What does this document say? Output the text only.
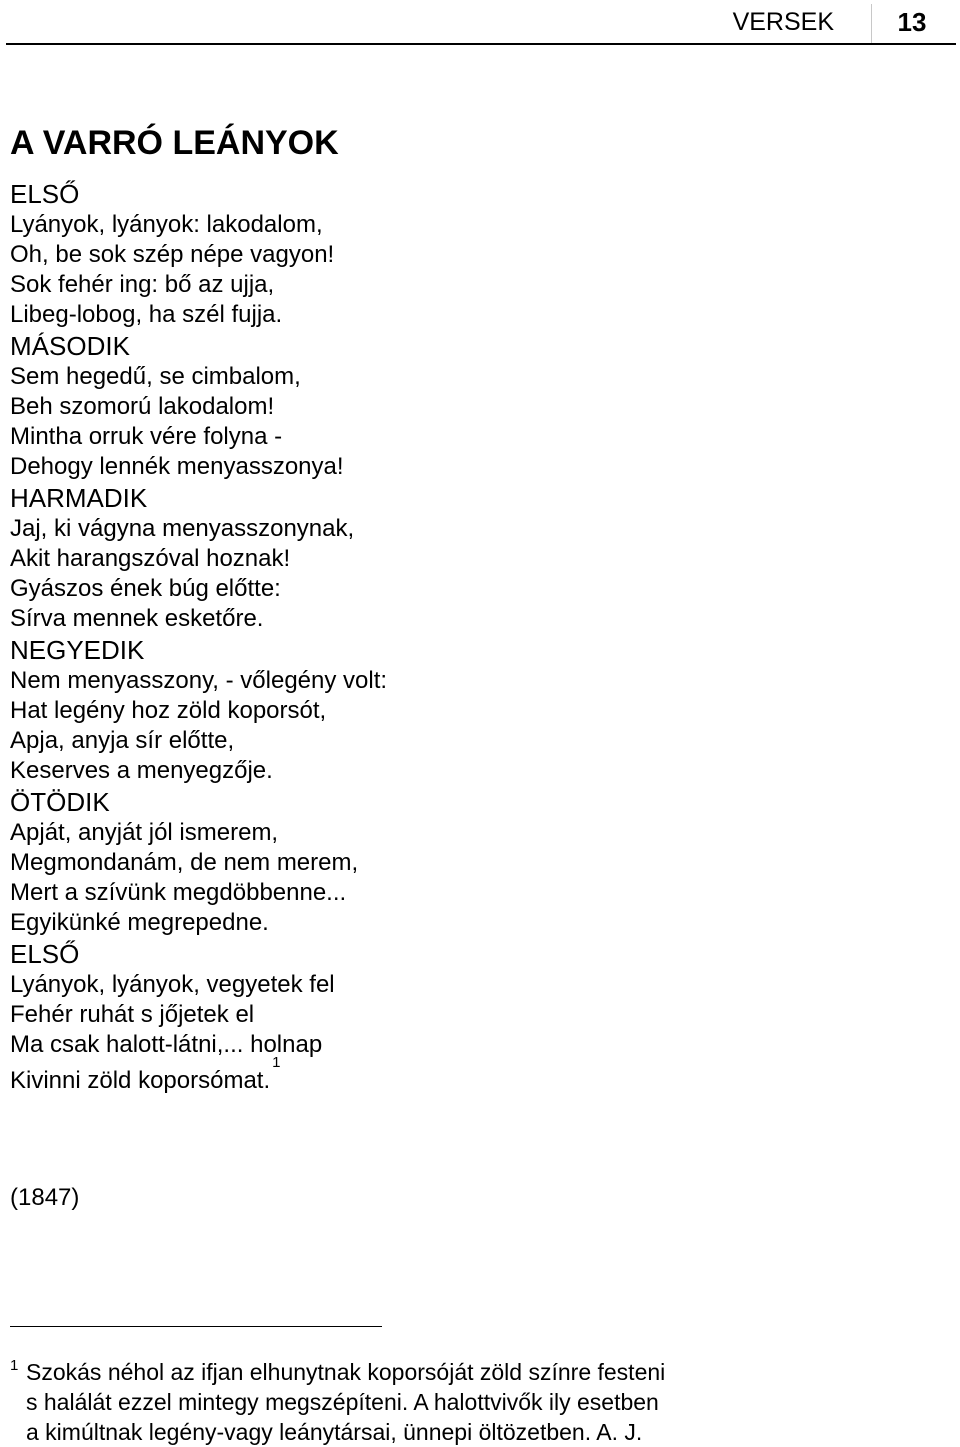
VERSEK	13
A VARRÓ LEÁNYOK
ELSŐ
Lyányok, lyányok: lakodalom,
Oh, be sok szép népe vagyon!
Sok fehér ing: bő az ujja,
Libeg-lobog, ha szél fujja.
MÁSODIK
Sem hegedű, se cimbalom,
Beh szomorú lakodalom!
Mintha orruk vére folyna -
Dehogy lennék menyasszonya!
HARMADIK
Jaj, ki vágyna menyasszonynak,
Akit harangszóval hoznak!
Gyászos ének búg előtte:
Sírva mennek esketőre.
NEGYEDIK
Nem menyasszony, - vőlegény volt:
Hat legény hoz zöld koporsót,
Apja, anyja sír előtte,
Keserves a menyegzője.
ÖTÖDIK
Apját, anyját jól ismerem,
Megmondanám, de nem merem,
Mert a szívünk megdöbbenne...
Egyikünké megrepedne.
ELSŐ
Lyányok, lyányok, vegyetek fel
Fehér ruhát s jőjetek el
Ma csak halott-látni,... holnap
Kivinni zöld koporsómat.$^1$
(1847)
1 Szokás néhol az ifjan elhunytnak koporsóját zöld színre festeni
s halálát ezzel mintegy megszépíteni. A halottvivők ily esetben
a kimúltnak legény-vagy leánytársai, ünnepi öltözetben. A. J.
